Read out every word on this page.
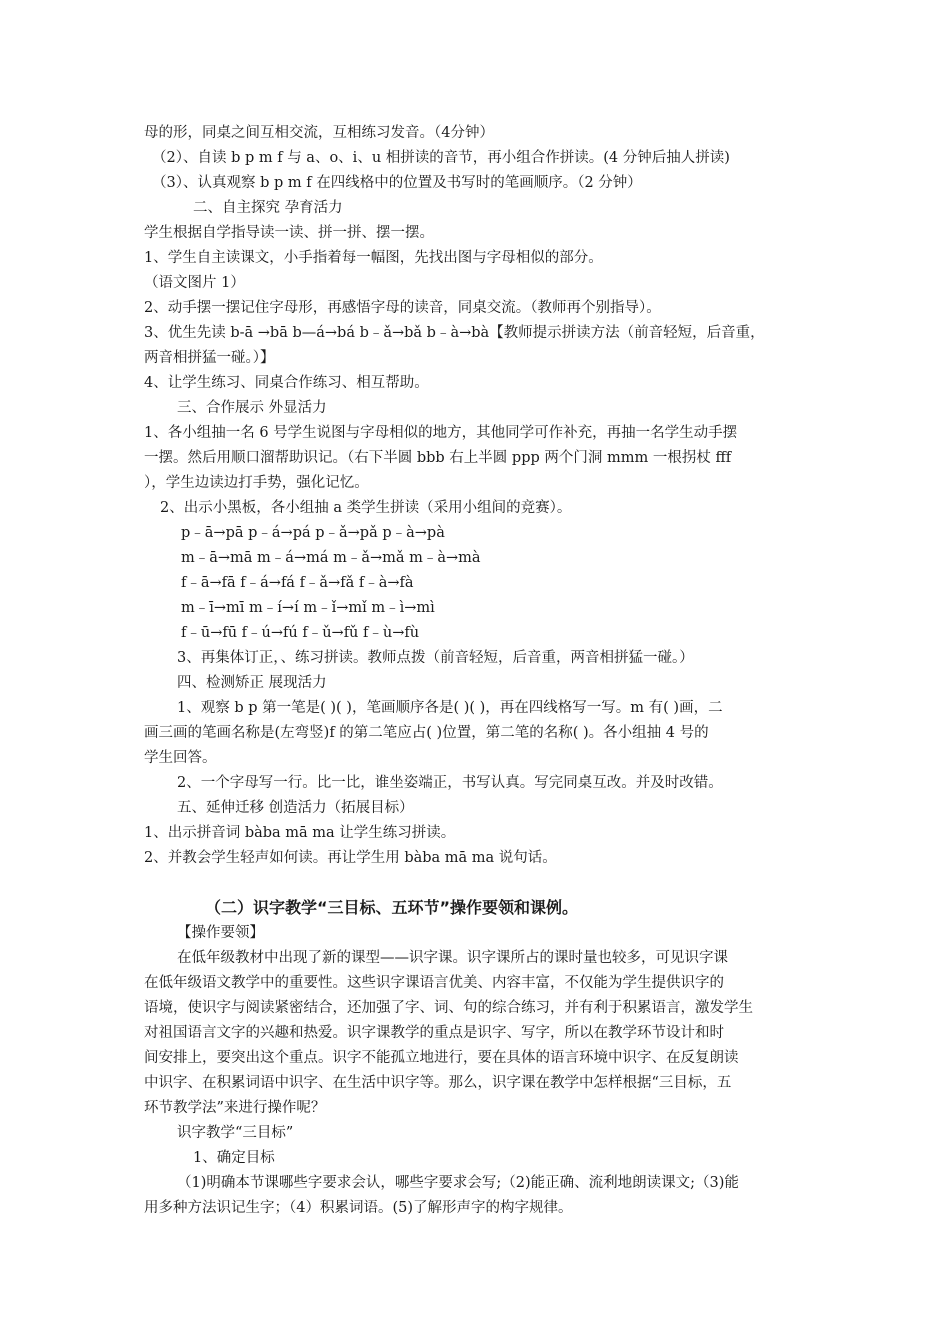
母的形，同桌之间互相交流，互相练习发音。（4分钟）
（2）、自读 b p m f 与 a、o、i、u 相拼读的音节，再小组合作拼读。(4 分钟后抽人拼读)
（3）、认真观察 b p m f 在四线格中的位置及书写时的笔画顺序。（2 分钟）
二、自主探究 孕育活力
学生根据自学指导读一读、拼一拼、摆一摆。
1、学生自主读课文，小手指着每一幅图，先找出图与字母相似的部分。
（语文图片 1）
2、动手摆一摆记住字母形，再感悟字母的读音，同桌交流。（教师再个别指导）。
3、优生先读 b-ā →bā b—á→bá b﹣ǎ→bǎ b﹣à→bà【教师提示拼读方法（前音轻短，后音重，
两音相拼猛一碰。）】
4、让学生练习、同桌合作练习、相互帮助。
三、合作展示 外显活力
1、各小组抽一名 6 号学生说图与字母相似的地方，其他同学可作补充，再抽一名学生动手摆
一摆。然后用顺口溜帮助识记。（右下半圆 bbb 右上半圆 ppp 两个门洞 mmm 一根拐杖 fff
），学生边读边打手势，强化记忆。
2、出示小黑板，各小组抽 a 类学生拼读（采用小组间的竞赛）。
p﹣ā→pā p﹣á→pá p﹣ǎ→pǎ p﹣à→pà
m﹣ā→mā m﹣á→má m﹣ǎ→mǎ m﹣à→mà
f﹣ā→fā f﹣á→fá f﹣ǎ→fǎ f﹣à→fà
m﹣ī→mī m﹣í→í m﹣ǐ→mǐ m﹣ì→mì
f﹣ū→fū f﹣ú→fú f﹣ǔ→fǔ f﹣ù→fù
3、再集体订正，、练习拼读。教师点拨（前音轻短，后音重，两音相拼猛一碰。）
四、检测矫正 展现活力
1、观察 b p 第一笔是( )( )，笔画顺序各是( )( )，再在四线格写一写。m 有( )画，二
画三画的笔画名称是(左弯竖)f 的第二笔应占( )位置，第二笔的名称( )。各小组抽 4 号的
学生回答。
2、一个字母写一行。比一比，谁坐姿端正，书写认真。写完同桌互改。并及时改错。
五、延伸迁移 创造活力（拓展目标）
1、出示拼音词 bàba mā ma 让学生练习拼读。
2、并教会学生轻声如何读。再让学生用 bàba mā ma 说句话。
（二）识字教学“三目标、五环节”操作要领和课例。
【操作要领】
在低年级教材中出现了新的课型——识字课。识字课所占的课时量也较多，可见识字课
在低年级语文教学中的重要性。这些识字课语言优美、内容丰富，不仅能为学生提供识字的
语境，使识字与阅读紧密结合，还加强了字、词、句的综合练习，并有利于积累语言，激发学生
对祖国语言文字的兴趣和热爱。识字课教学的重点是识字、写字，所以在教学环节设计和时
间安排上，要突出这个重点。识字不能孤立地进行，要在具体的语言环境中识字、在反复朗读
中识字、在积累词语中识字、在生活中识字等。那么，识字课在教学中怎样根据“三目标，五
环节教学法”来进行操作呢？
识字教学“三目标”
1、确定目标
（1)明确本节课哪些字要求会认，哪些字要求会写;（2)能正确、流利地朗读课文;（3)能
用多种方法识记生字；（4）积累词语。(5)了解形声字的构字规律。
